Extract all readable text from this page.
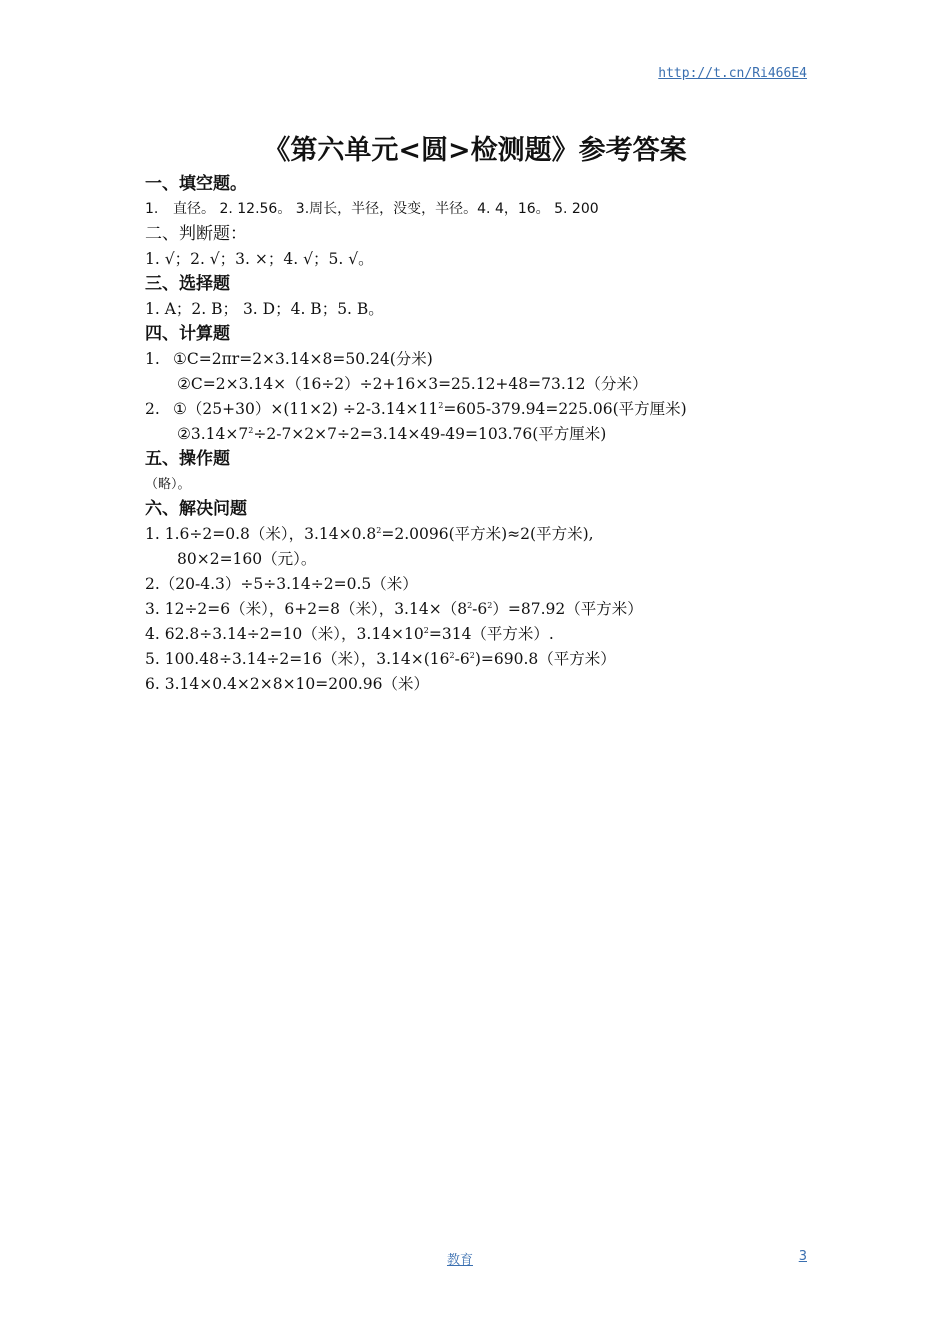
http://t.cn/Ri466E4
《第六单元<圆>检测题》参考答案
一、填空题。
1. 直径。 2. 12.56。 3.周长，半径，没变，半径。4. 4，16。 5. 200
二、判断题：
1. √；2. √；3. ×；4. √；5. √。
三、选择题
1. A；2. B； 3. D；4. B；5. B。
四、计算题
1. ①C=2πr=2×3.14×8=50.24(分米)
②C=2×3.14×（16÷2）÷2+16×3=25.12+48=73.12（分米）
2. ①（25+30）×(11×2) $\div 2-3.14\times 11^2=605-379.94=225.06$(平方厘米)
$②3.14\times 7^2\div 2-7\times 2\times 7\div 2=3.14\times 49-49=103.76$(平方厘米)
五、操作题
（略）。
六、解决问题
1. 1.6÷2=0.8（米），$3.14\times 0.8^2=2.0096$(平方米)≈2(平方米),
80×2=160（元）。
2.（20-4.3）÷5÷3.14÷2=0.5（米）
3. 12÷2=6（米），6+2=8（米），$3.14\times(8^2-6^2)=87.92$（平方米）
4. 62.8÷3.14÷2=10（米），$3.14\times 10^2=314$（平方米）.
5. 100.48÷3.14÷2=16（米），$3.14\times(16^2-6^2)=690.8$（平方米）
6. 3.14×0.4×2×8×10=200.96（米）
教育	3
